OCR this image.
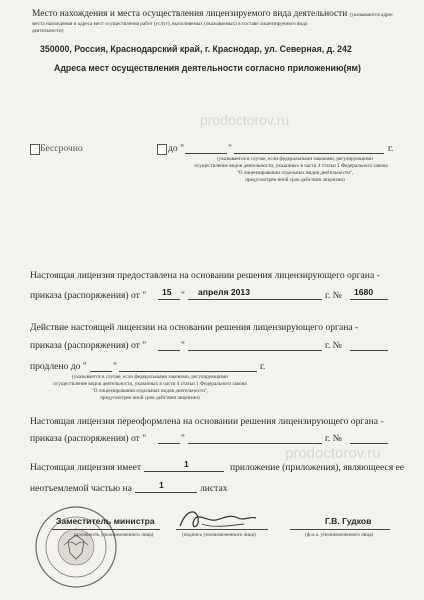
prodoctorov.ru
prodoctorov.ru
Место нахождения и места осуществления лицензируемого вида деятельности (указываются адрес
места нахождения и адреса мест осуществления работ (услуг), выполняемых (оказываемых) в составе лицензируемого вида
деятельности)
350000, Россия, Краснодарский край, г. Краснодар, ул. Северная, д. 242
Адреса мест осуществления деятельности согласно приложению(ям)
Бессрочно	до "	"	г.
(указывается в случае, если федеральными законами, регулирующими
осуществление видов деятельности, указанных в части 4 статьи 1 Федерального закона
"О лицензировании отдельных видов деятельности",
предусмотрен иной срок действия лицензии)
Настоящая лицензия предоставлена на основании решения лицензирующего органа -
приказа (распоряжения) от " 15 " апреля 2013	г. № 1680
Действие настоящей лицензии на основании решения лицензирующего органа -
приказа (распоряжения) от "	"	г. №
продлено до "	"	г.
(указывается в случае, если федеральными законами, регулирующими
осуществление видов деятельности, указанных в части 4 статьи 1 Федерального закона
"О лицензировании отдельных видов деятельности",
предусмотрен иной срок действия лицензии)
Настоящая лицензия переоформлена на основании решения лицензирующего органа -
приказа (распоряжения) от "	"	г. №
Настоящая лицензия имеет	1	приложение (приложения), являющееся ее
неотъемлемой частью на	1	листах
Заместитель министра
(должность уполномоченного лица)	(подпись уполномоченного лица)
Г.В. Гудков
(ф.и.о. уполномоченного лица)
